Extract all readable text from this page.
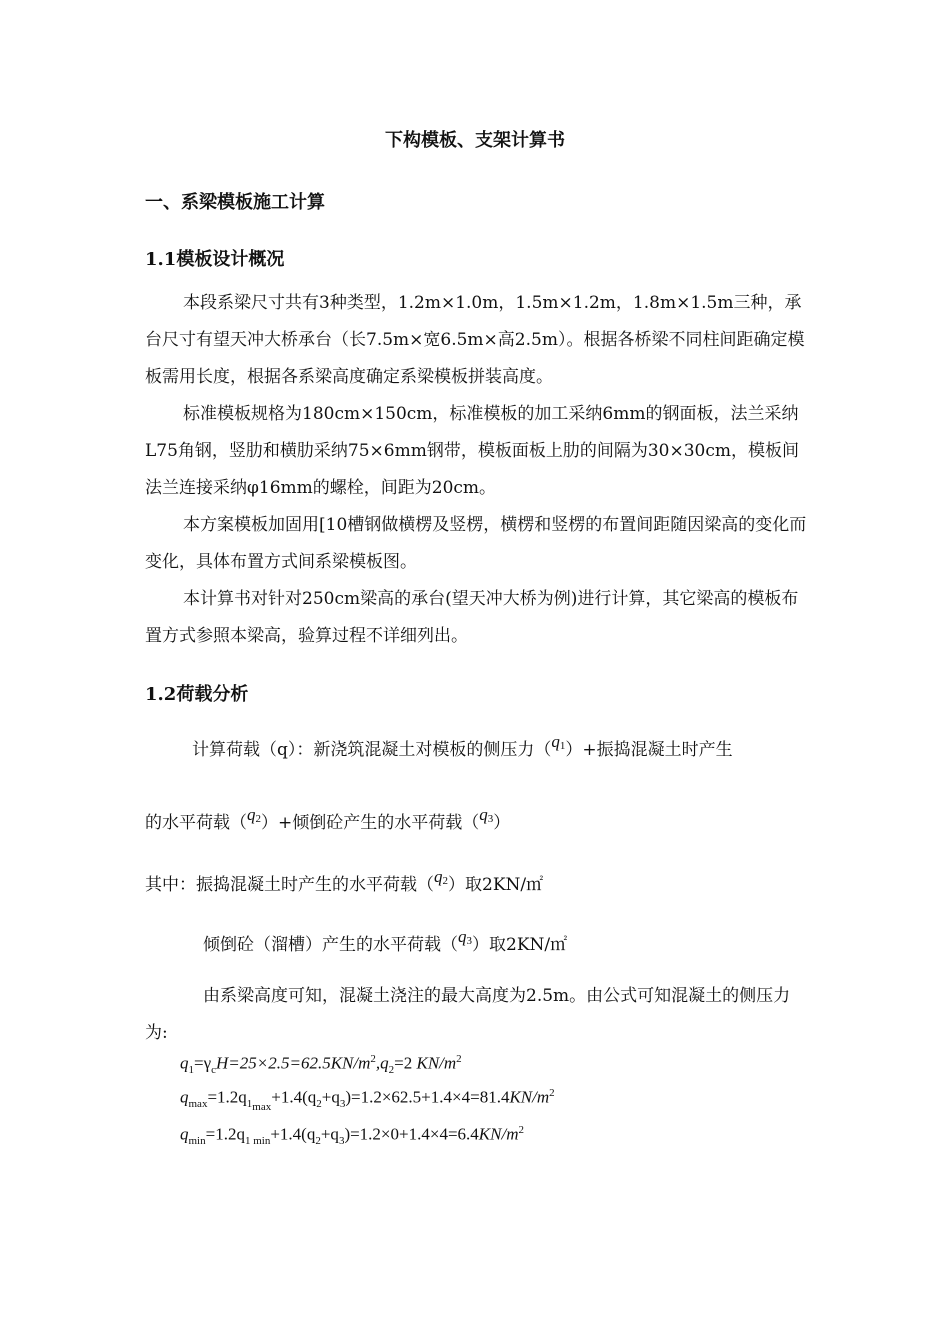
下构模板、支架计算书
一、系梁模板施工计算
1.1模板设计概况

本段系梁尺寸共有3种类型，1.2m×1.0m，1.5m×1.2m，1.8m×1.5m三种，承台尺寸有望天冲大桥承台（长7.5m×宽6.5m×高2.5m）。根据各桥梁不同柱间距确定模板需用长度，根据各系梁高度确定系梁模板拼装高度。

标准模板规格为180cm×150cm，标准模板的加工采纳6mm的钢面板，法兰采纳L75角钢，竖肋和横肋采纳75×6mm钢带，模板面板上肋的间隔为30×30cm，模板间法兰连接采纳φ16mm的螺栓，间距为20cm。

本方案模板加固用[10槽钢做横楞及竖楞，横楞和竖楞的布置间距随因梁高的变化而变化，具体布置方式间系梁模板图。

本计算书对针对250cm梁高的承台(望天冲大桥为例)进行计算，其它梁高的模板布置方式参照本梁高，验算过程不详细列出。

1.2荷载分析
计算荷载（q）：新浇筑混凝土对模板的侧压力$(q_1)+$振捣混凝土时产生
的水平荷载$(q_2)+$倾倒砼产生的水平荷载$(q_3)$
其中：振捣混凝土时产生的水平荷载$(q_2)$取2KN/㎡
倾倒砼（溜槽）产生的水平荷载$(q_3)$取2KN/㎡

由系梁高度可知，混凝土浇注的最大高度为2.5m。由公式可知混凝土的侧压力为:

$q_1=\gamma_cH=25\times 2.5=62.5KN/m^2,q_2=2$ $KN/m^2$
$q_{max}=1.2q_{1_{max}}+1.4(q_2+q_3)=1.2\times 62.5+1.4\times 4=81.4KN/m^2$
$q_{min}=1.2q_{1 min}+1.4(q_2+q_3)=1.2\times 0+1.4\times 4=6.4KN/m^2$
